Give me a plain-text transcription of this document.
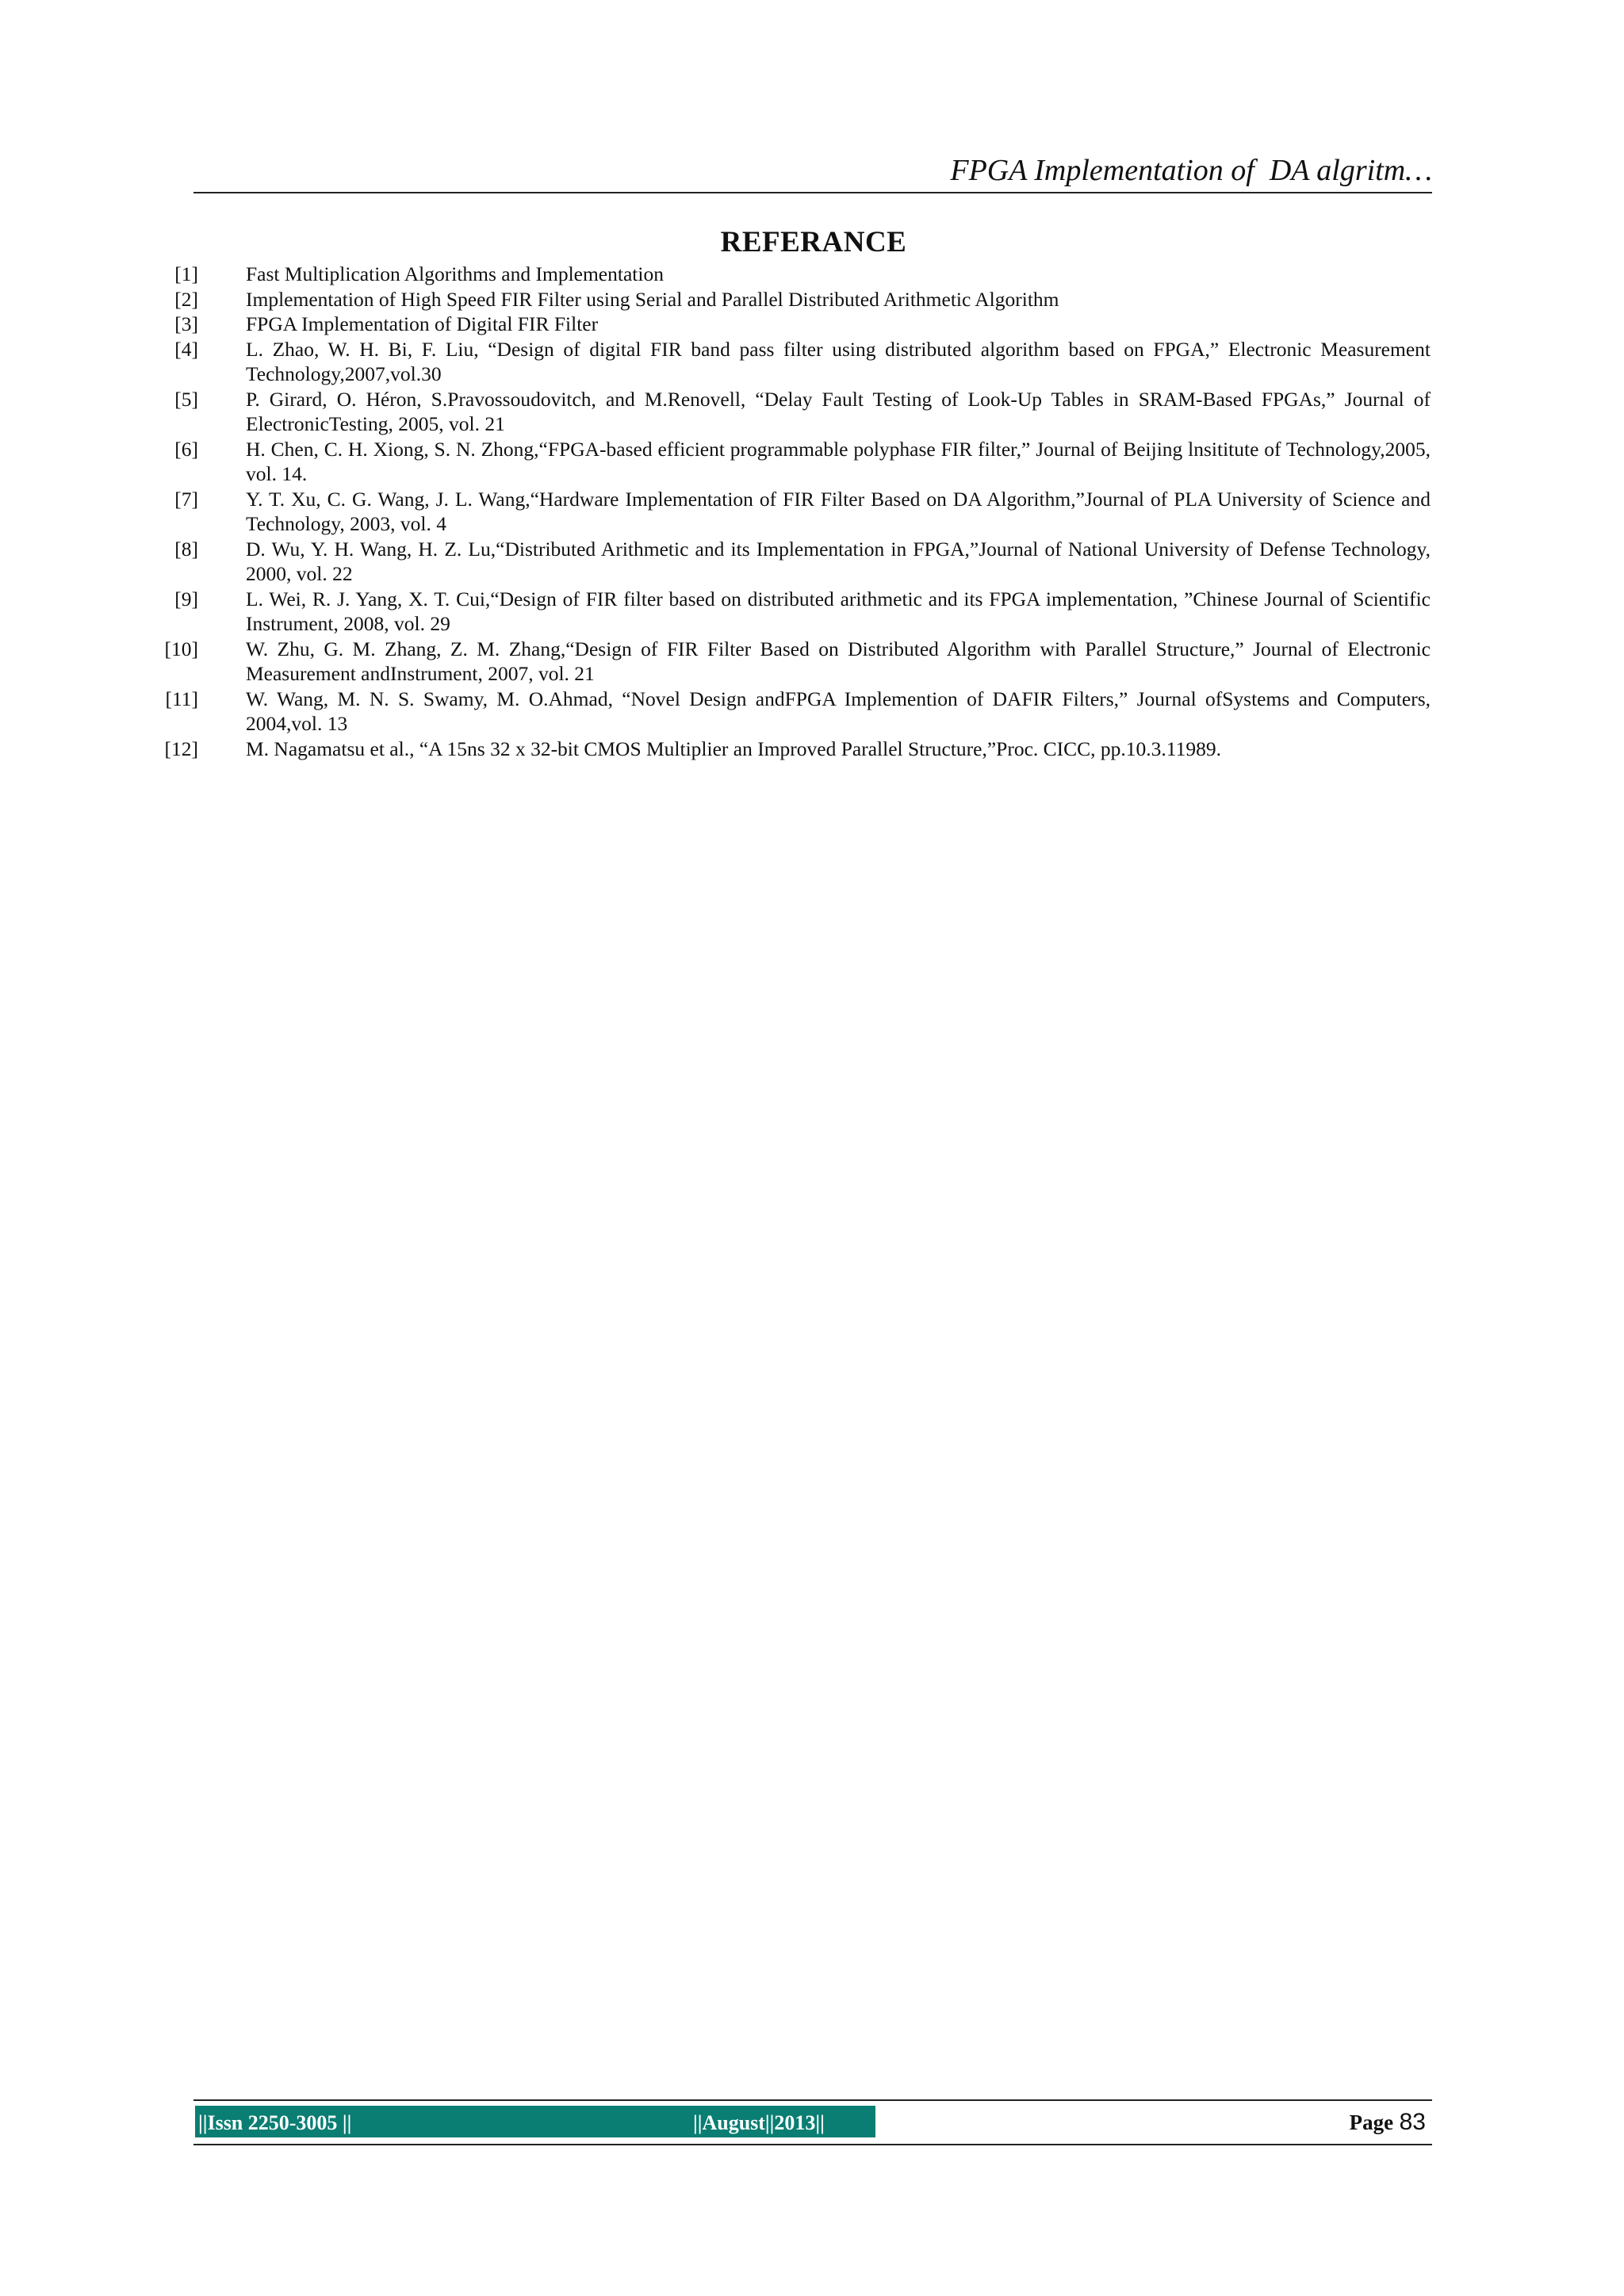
FPGA Implementation of  DA algritm…
REFERANCE
[1] Fast Multiplication Algorithms and Implementation
[2] Implementation of High Speed FIR Filter using Serial and Parallel Distributed Arithmetic Algorithm
[3] FPGA Implementation of Digital FIR Filter
[4] L. Zhao, W. H. Bi, F. Liu, “Design of digital FIR band pass filter using distributed algorithm based on FPGA,” Electronic Measurement Technology,2007,vol.30
[5] P. Girard, O. Héron, S.Pravossoudovitch, and M.Renovell, “Delay Fault Testing of Look-Up Tables in SRAM-Based FPGAs,” Journal of ElectronicTesting, 2005, vol. 21
[6] H. Chen, C. H. Xiong, S. N. Zhong,“FPGA-based efficient programmable polyphase FIR filter,” Journal of Beijing lnsititute of Technology,2005, vol. 14.
[7] Y. T. Xu, C. G. Wang, J. L. Wang,“Hardware Implementation of FIR Filter Based on DA Algorithm,”Journal of PLA University of Science and Technology, 2003, vol. 4
[8] D. Wu, Y. H. Wang, H. Z. Lu,“Distributed Arithmetic and its Implementation in FPGA,”Journal of National University of Defense Technology, 2000, vol. 22
[9] L. Wei, R. J. Yang, X. T. Cui,“Design of FIR filter based on distributed arithmetic and its FPGA implementation, ”Chinese Journal of Scientific Instrument, 2008, vol. 29
[10] W. Zhu, G. M. Zhang, Z. M. Zhang,“Design of FIR Filter Based on Distributed Algorithm with Parallel Structure,” Journal of Electronic Measurement andInstrument, 2007, vol. 21
[11] W. Wang, M. N. S. Swamy, M. O.Ahmad, “Novel Design andFPGA Implemention of DAFIR Filters,” Journal ofSystems and Computers, 2004,vol. 13
[12] M. Nagamatsu et al., “A 15ns 32 x 32-bit CMOS Multiplier an Improved Parallel Structure,”Proc. CICC, pp.10.3.11989.
||Issn 2250-3005 ||	||August||2013||	Page 83
